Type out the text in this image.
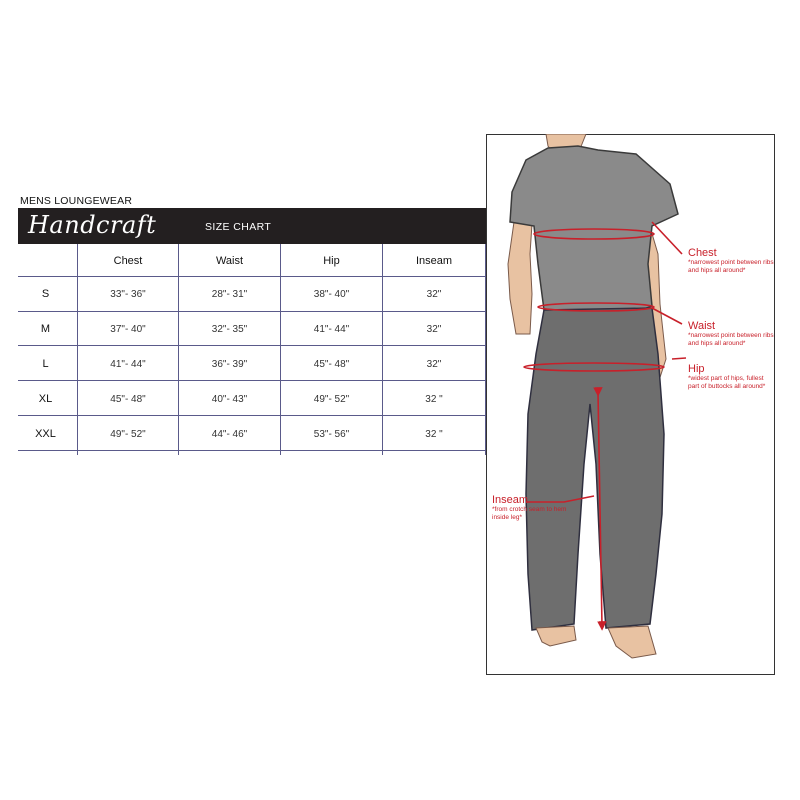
MENS LOUNGEWEAR
Handcraft	SIZE CHART
Chest	Waist	Hip	Inseam
S	33"- 36"	28"- 31"	38"- 40"	32"
M	37"- 40"	32"- 35"	41"- 44"	32"
L	41"- 44"	36"- 39"	45"- 48"	32"
XL	45"- 48"	40"- 43"	49"- 52"	32 "
XXL	49"- 52"	44"- 46"	53"- 56"	32 "
Chest
*narrowest point between ribs and hips all around*
Waist
*narrowest point between ribs and hips all around*
Hip
*widest part of hips, fullest part of buttocks all around*
Inseam
*from crotch seam to hem inside leg*
